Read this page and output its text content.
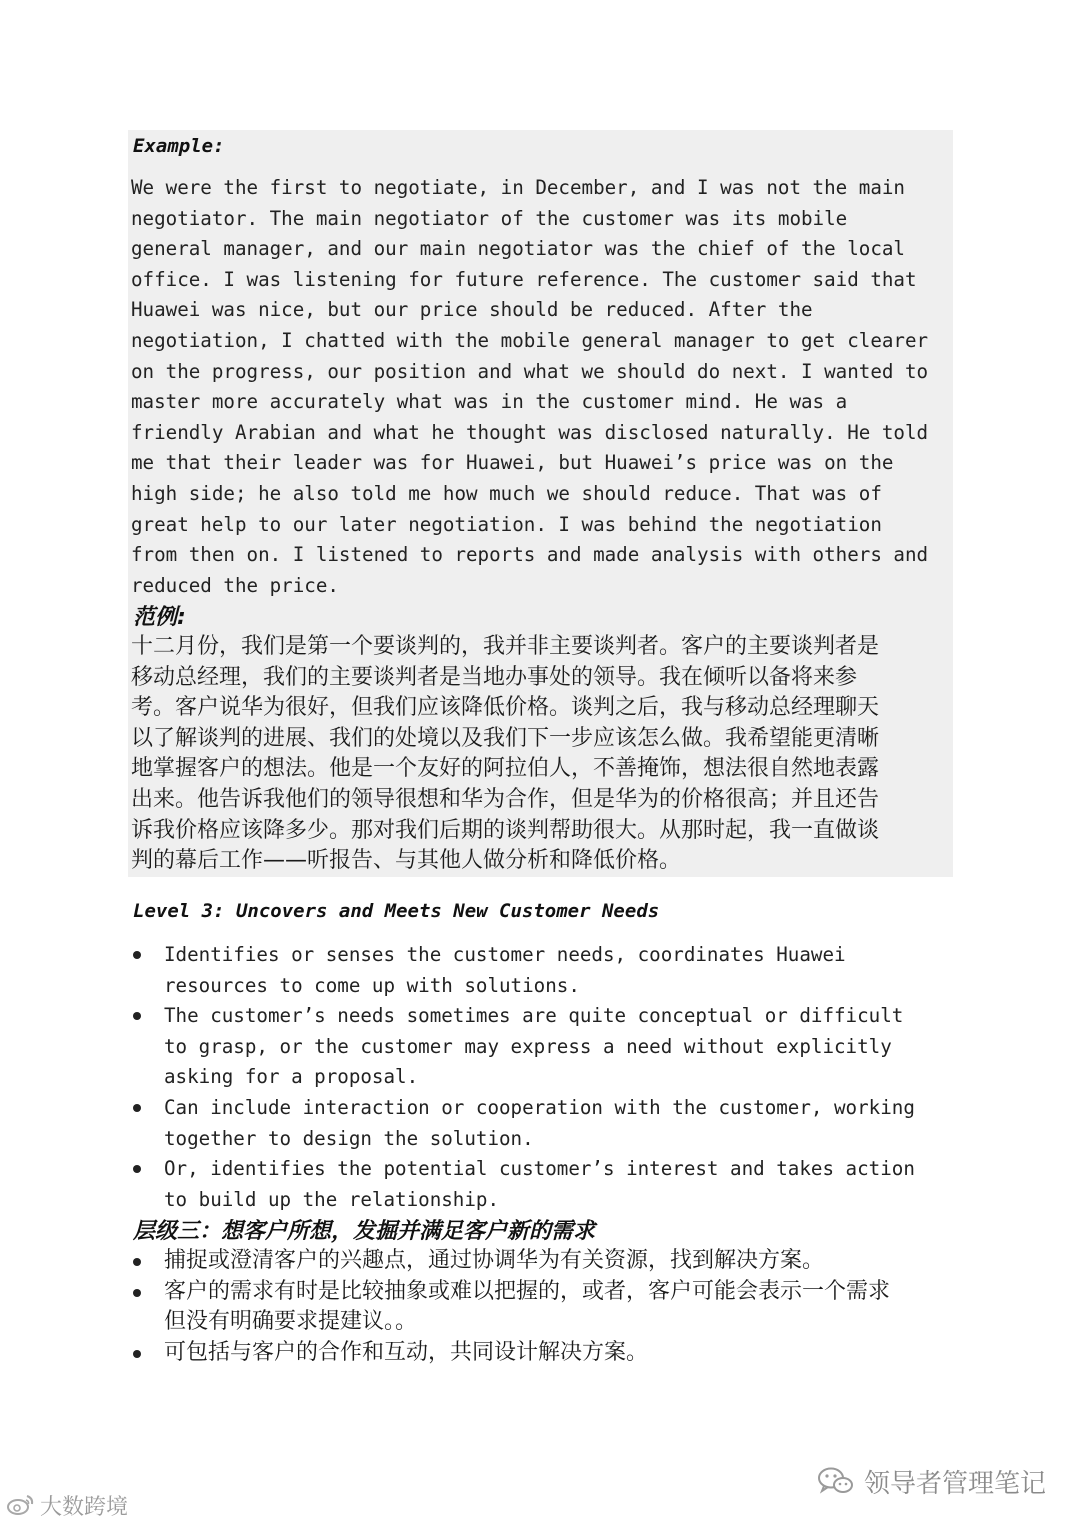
Example:
We were the first to negotiate, in December, and I was not the main
negotiator. The main negotiator of the customer was its mobile
general manager, and our main negotiator was the chief of the local
office. I was listening for future reference. The customer said that
Huawei was nice, but our price should be reduced. After the
negotiation, I chatted with the mobile general manager to get clearer
on the progress, our position and what we should do next. I wanted to
master more accurately what was in the customer mind. He was a
friendly Arabian and what he thought was disclosed naturally. He told
me that their leader was for Huawei, but Huawei’s price was on the
high side; he also told me how much we should reduce. That was of
great help to our later negotiation. I was behind the negotiation
from then on. I listened to reports and made analysis with others and
reduced the price.
范例:
十二月份，我们是第一个要谈判的，我并非主要谈判者。客户的主要谈判者是
移动总经理，我们的主要谈判者是当地办事处的领导。我在倾听以备将来参
考。客户说华为很好，但我们应该降低价格。谈判之后，我与移动总经理聊天
以了解谈判的进展、我们的处境以及我们下一步应该怎么做。我希望能更清晰
地掌握客户的想法。他是一个友好的阿拉伯人，不善掩饰，想法很自然地表露
出来。他告诉我他们的领导很想和华为合作，但是华为的价格很高；并且还告
诉我价格应该降多少。那对我们后期的谈判帮助很大。从那时起，我一直做谈
判的幕后工作——听报告、与其他人做分析和降低价格。
Level 3: Uncovers and Meets New Customer Needs
Identifies or senses the customer needs, coordinates Huawei
resources to come up with solutions.
The customer’s needs sometimes are quite conceptual or difficult
to grasp, or the customer may express a need without explicitly
asking for a proposal.
Can include interaction or cooperation with the customer, working
together to design the solution.
Or, identifies the potential customer’s interest and takes action
to build up the relationship.
层级三：想客户所想，发掘并满足客户新的需求
捕捉或澄清客户的兴趣点，通过协调华为有关资源，找到解决方案。
客户的需求有时是比较抽象或难以把握的，或者，客户可能会表示一个需求
但没有明确要求提建议。。
可包括与客户的合作和互动，共同设计解决方案。
大数跨境
领导者管理笔记
